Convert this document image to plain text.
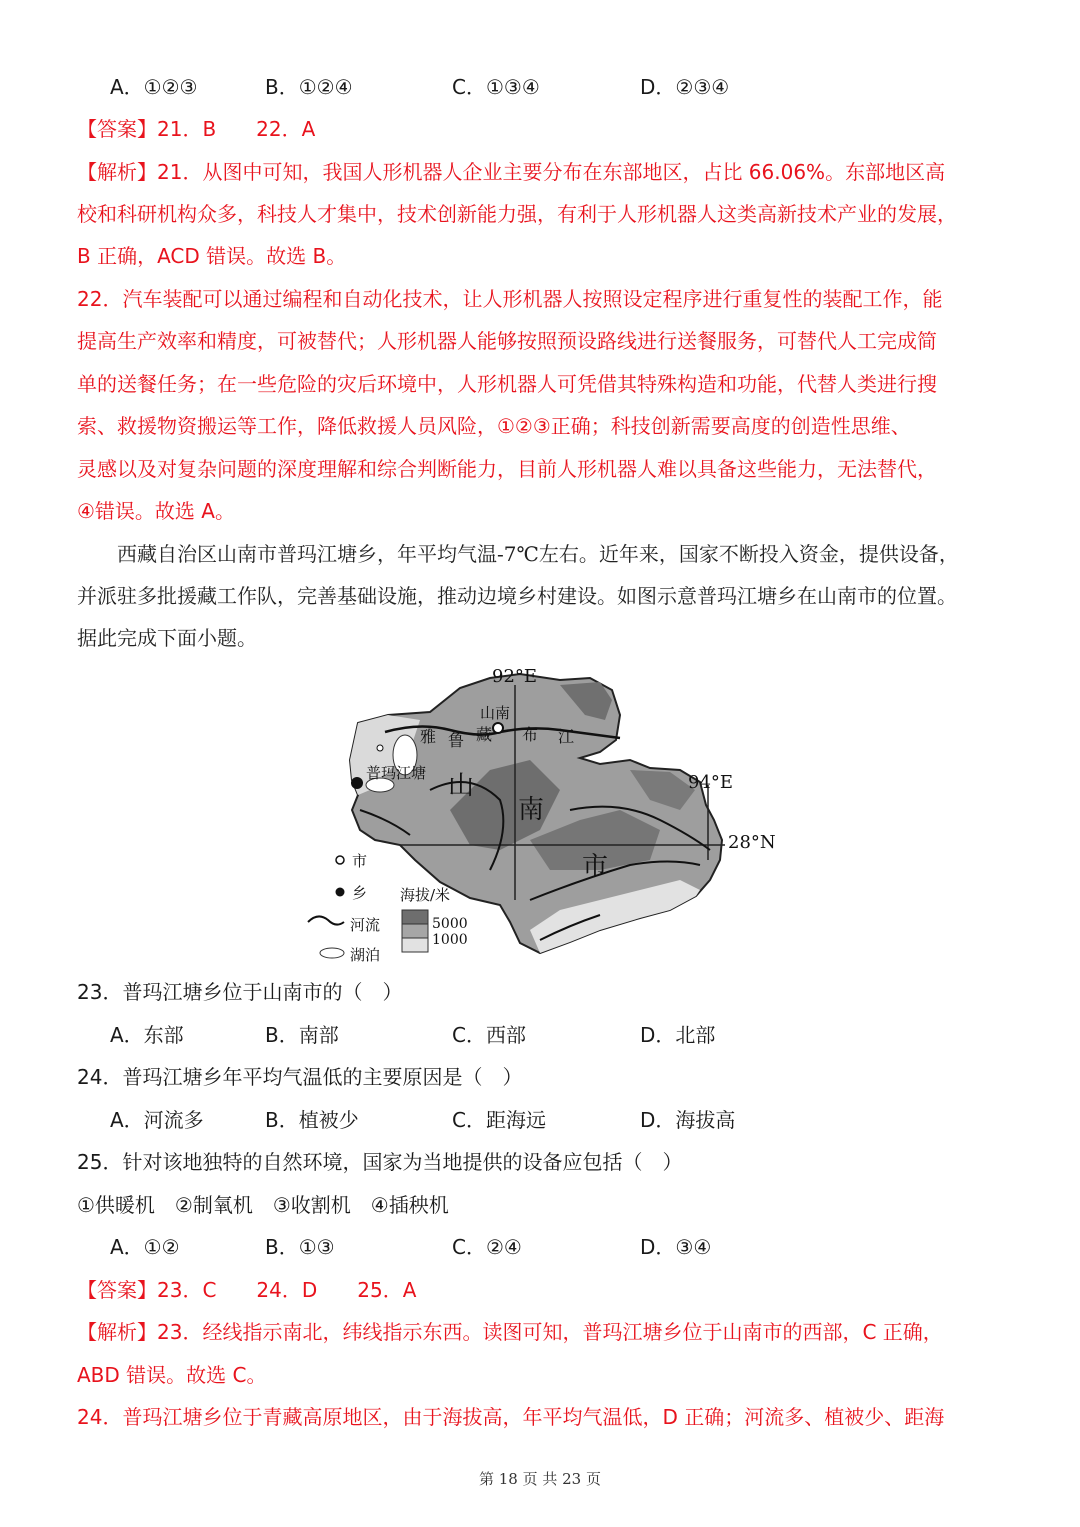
A．①②③	B．①②④	C．①③④	D．②③④
【答案】21．B　　22．A
【解析】21．从图中可知，我国人形机器人企业主要分布在东部地区，占比 66.06%。东部地区高
校和科研机构众多，科技人才集中，技术创新能力强，有利于人形机器人这类高新技术产业的发展，
B 正确，ACD 错误。故选 B。
22．汽车装配可以通过编程和自动化技术，让人形机器人按照设定程序进行重复性的装配工作，能
提高生产效率和精度，可被替代；人形机器人能够按照预设路线进行送餐服务，可替代人工完成简
单的送餐任务；在一些危险的灾后环境中，人形机器人可凭借其特殊构造和功能，代替人类进行搜
索、救援物资搬运等工作，降低救援人员风险，①②③正确；科技创新需要高度的创造性思维、
灵感以及对复杂问题的深度理解和综合判断能力，目前人形机器人难以具备这些能力，无法替代，
④错误。故选 A。
　　西藏自治区山南市普玛江塘乡，年平均气温-7℃左右。近年来，国家不断投入资金，提供设备，
并派驻多批援藏工作队，完善基础设施，推动边境乡村建设。如图示意普玛江塘乡在山南市的位置。
据此完成下面小题。
92°E
94°E
28°N
山南
普玛江塘
雅 鲁 藏 布 江
山
南
市
市
乡
河流
湖泊
海拔/米
5000
1000
23．普玛江塘乡位于山南市的（　）
A．东部	B．南部	C．西部	D．北部
24．普玛江塘乡年平均气温低的主要原因是（　）
A．河流多	B．植被少	C．距海远	D．海拔高
25．针对该地独特的自然环境，国家为当地提供的设备应包括（　）
①供暖机　②制氧机　③收割机　④插秧机
A．①②	B．①③	C．②④	D．③④
【答案】23．C　　24．D　　25．A
【解析】23．经线指示南北，纬线指示东西。读图可知，普玛江塘乡位于山南市的西部，C 正确，
ABD 错误。故选 C。
24．普玛江塘乡位于青藏高原地区，由于海拔高，年平均气温低，D 正确；河流多、植被少、距海
第 18 页 共 23 页
